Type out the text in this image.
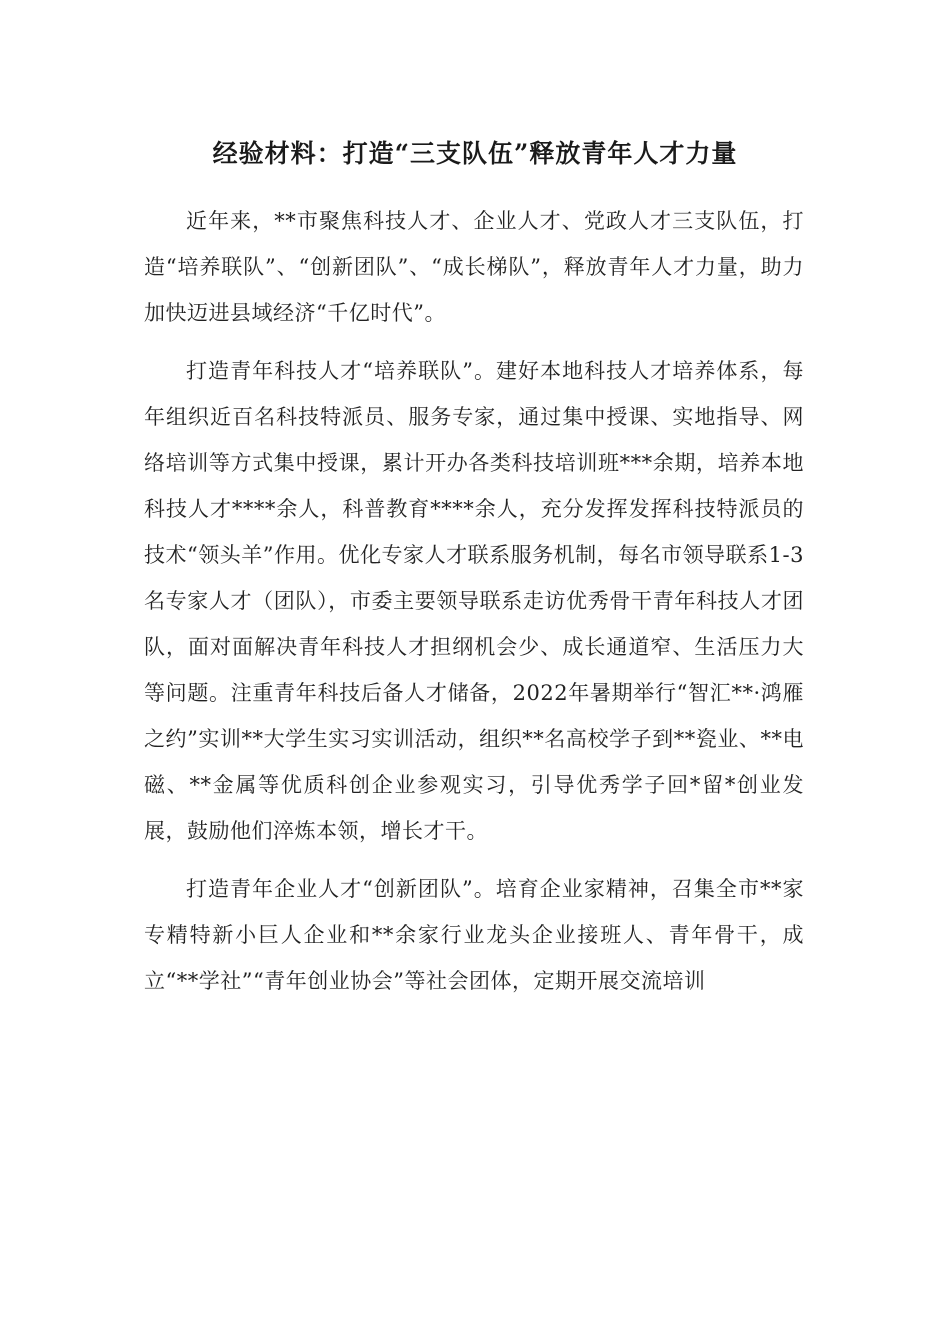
经验材料：打造“三支队伍”释放青年人才力量

近年来，**市聚焦科技人才、企业人才、党政人才三支队伍，打造“培养联队”、“创新团队”、“成长梯队”，释放青年人才力量，助力加快迈进县域经济“千亿时代”。

打造青年科技人才“培养联队”。建好本地科技人才培养体系，每年组织近百名科技特派员、服务专家，通过集中授课、实地指导、网络培训等方式集中授课，累计开办各类科技培训班***余期，培养本地科技人才****余人，科普教育****余人，充分发挥发挥科技特派员的技术“领头羊”作用。优化专家人才联系服务机制，每名市领导联系1-3名专家人才（团队），市委主要领导联系走访优秀骨干青年科技人才团队，面对面解决青年科技人才担纲机会少、成长通道窄、生活压力大等问题。注重青年科技后备人才储备，2022年暑期举行“智汇**·鸿雁之约”实训**大学生实习实训活动，组织**名高校学子到**瓷业、**电磁、**金属等优质科创企业参观实习，引导优秀学子回*留*创业发展，鼓励他们淬炼本领，增长才干。

打造青年企业人才“创新团队”。培育企业家精神，召集全市**家专精特新小巨人企业和**余家行业龙头企业接班人、青年骨干，成立“**学社”“青年创业协会”等社会团体，定期开展交流培训
